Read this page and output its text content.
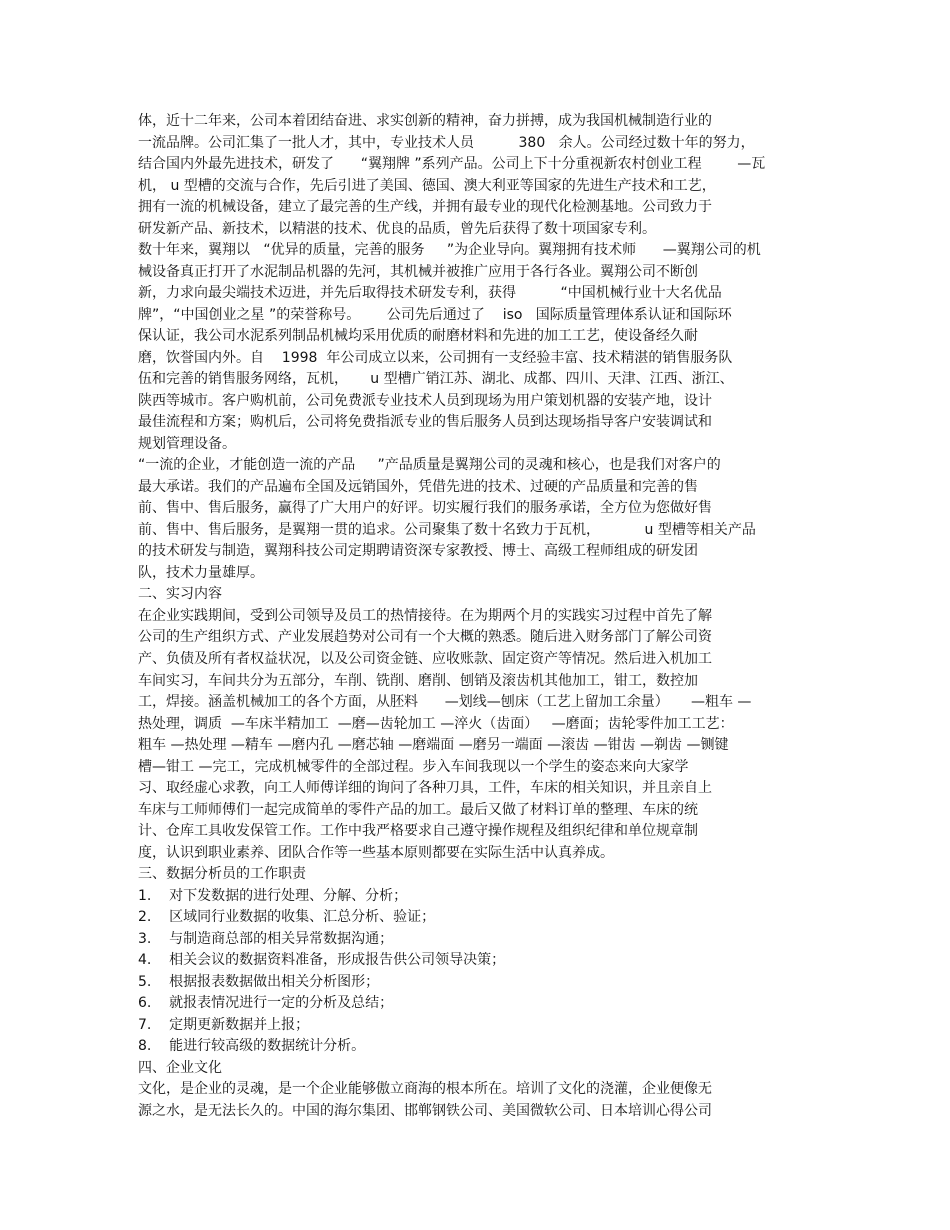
体，近十二年来，公司本着团结奋进、求实创新的精神，奋力拼搏，成为我国机械制造行业的
一流品牌。公司汇集了一批人才，其中，专业技术人员          380   余人。公司经过数十年的努力，
结合国内外最先进技术，研发了      “翼翔牌 ”系列产品。公司上下十分重视新农村创业工程        —瓦
机， u 型槽的交流与合作，先后引进了美国、德国、澳大利亚等国家的先进生产技术和工艺，
拥有一流的机械设备，建立了最完善的生产线，并拥有最专业的现代化检测基地。公司致力于
研发新产品、新技术，以精湛的技术、优良的品质，曾先后获得了数十项国家专利。
数十年来，翼翔以   “优异的质量，完善的服务     ”为企业导向。翼翔拥有技术师      —翼翔公司的机
械设备真正打开了水泥制品机器的先河，其机械并被推广应用于各行各业。翼翔公司不断创
新，力求向最尖端技术迈进，并先后取得技术研发专利，获得          “中国机械行业十大名优品
牌”，“中国创业之星 ”的荣誉称号。      公司先后通过了    iso   国际质量管理体系认证和国际环
保认证，我公司水泥系列制品机械均采用优质的耐磨材料和先进的加工工艺，使设备经久耐
磨，饮誉国内外。自    1998  年公司成立以来，公司拥有一支经验丰富、技术精湛的销售服务队
伍和完善的销售服务网络，瓦机，     u 型槽广销江苏、湖北、成都、四川、天津、江西、浙江、
陕西等城市。客户购机前，公司免费派专业技术人员到现场为用户策划机器的安装产地，设计
最佳流程和方案；购机后，公司将免费指派专业的售后服务人员到达现场指导客户安装调试和
规划管理设备。
“一流的企业，才能创造一流的产品     ”产品质量是翼翔公司的灵魂和核心，也是我们对客户的
最大承诺。我们的产品遍布全国及远销国外，凭借先进的技术、过硬的产品质量和完善的售
前、售中、售后服务，赢得了广大用户的好评。切实履行我们的服务承诺，全方位为您做好售
前、售中、售后服务，是翼翔一贯的追求。公司聚集了数十名致力于瓦机，          u 型槽等相关产品
的技术研发与制造，翼翔科技公司定期聘请资深专家教授、博士、高级工程师组成的研发团
队，技术力量雄厚。
二、实习内容
在企业实践期间，受到公司领导及员工的热情接待。在为期两个月的实践实习过程中首先了解
公司的生产组织方式、产业发展趋势对公司有一个大概的熟悉。随后进入财务部门了解公司资
产、负债及所有者权益状况，以及公司资金链、应收账款、固定资产等情况。然后进入机加工
车间实习，车间共分为五部分，车削、铣削、磨削、刨销及滚齿机其他加工，钳工，数控加
工，焊接。涵盖机械加工的各个方面，从胚料      —划线—刨床（工艺上留加工余量）     —粗车 —
热处理，调质  —车床半精加工  —磨—齿轮加工 —淬火（齿面）   —磨面；齿轮零件加工工艺：
粗车 —热处理 —精车 —磨内孔 —磨芯轴 —磨端面 —磨另一端面 —滚齿 —钳齿 —剃齿 —铡键
槽—钳工 —完工，完成机械零件的全部过程。步入车间我现以一个学生的姿态来向大家学
习、取经虚心求教，向工人师傅详细的询问了各种刀具，工件，车床的相关知识，并且亲自上
车床与工师师傅们一起完成简单的零件产品的加工。最后又做了材料订单的整理、车床的统
计、仓库工具收发保管工作。工作中我严格要求自己遵守操作规程及组织纪律和单位规章制
度，认识到职业素养、团队合作等一些基本原则都要在实际生活中认真养成。
三、数据分析员的工作职责
1.    对下发数据的进行处理、分解、分析；
2.    区域同行业数据的收集、汇总分析、验证；
3.    与制造商总部的相关异常数据沟通；
4.    相关会议的数据资料准备，形成报告供公司领导决策；
5.    根据报表数据做出相关分析图形；
6.    就报表情况进行一定的分析及总结；
7.    定期更新数据并上报；
8.    能进行较高级的数据统计分析。
四、企业文化
文化，是企业的灵魂，是一个企业能够傲立商海的根本所在。培训了文化的浇灌，企业便像无
源之水，是无法长久的。中国的海尔集团、邯郸钢铁公司、美国微软公司、日本培训心得公司
